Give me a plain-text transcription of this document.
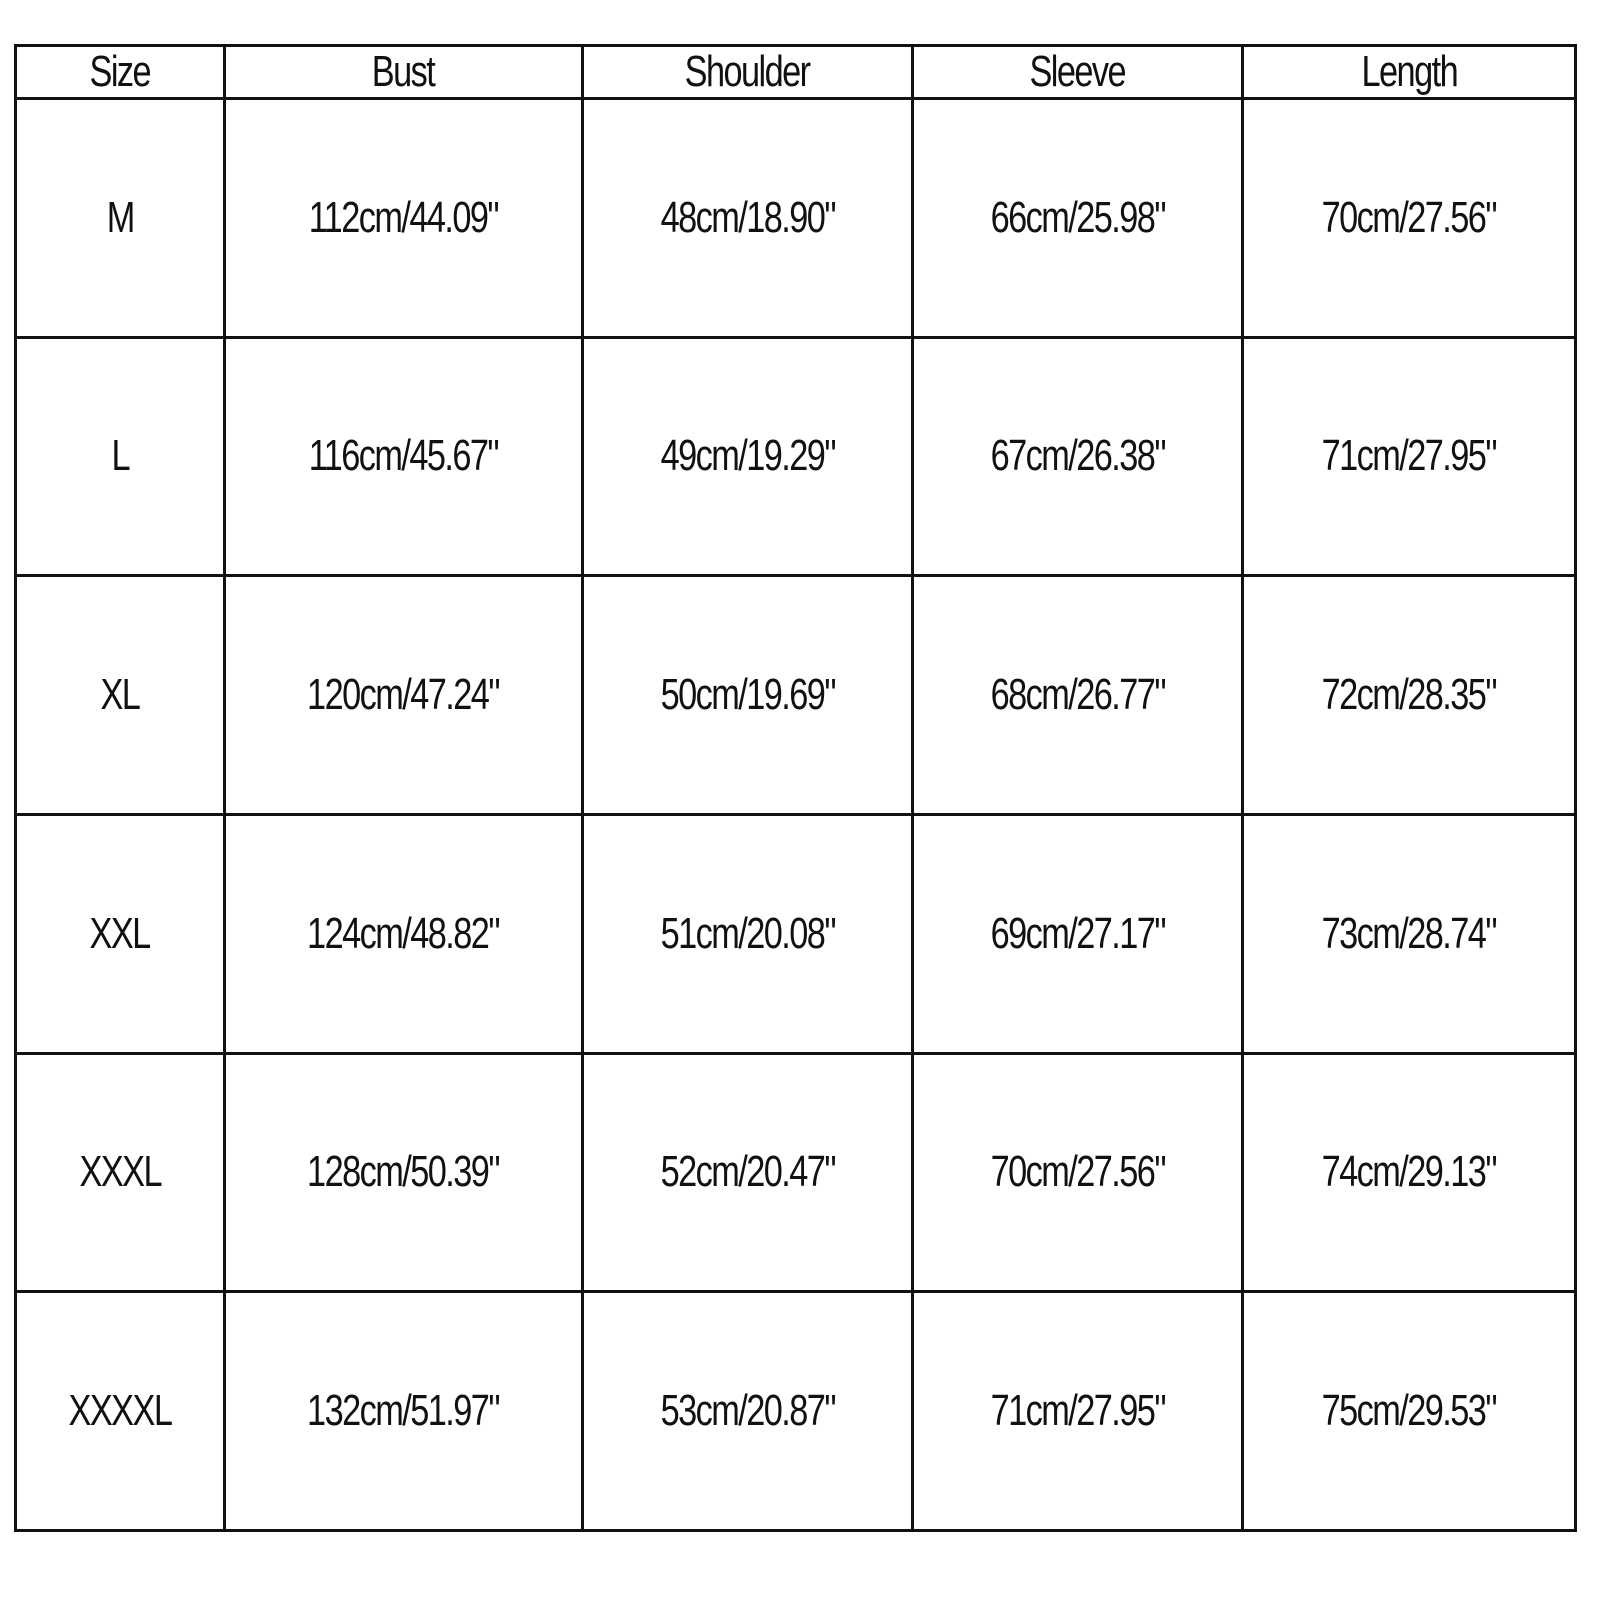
Size	Bust	Shoulder	Sleeve	Length
M	112cm/44.09"	48cm/18.90"	66cm/25.98"	70cm/27.56"
L	116cm/45.67"	49cm/19.29"	67cm/26.38"	71cm/27.95"
XL	120cm/47.24"	50cm/19.69"	68cm/26.77"	72cm/28.35"
XXL	124cm/48.82"	51cm/20.08"	69cm/27.17"	73cm/28.74"
XXXL	128cm/50.39"	52cm/20.47"	70cm/27.56"	74cm/29.13"
XXXXL	132cm/51.97"	53cm/20.87"	71cm/27.95"	75cm/29.53"
